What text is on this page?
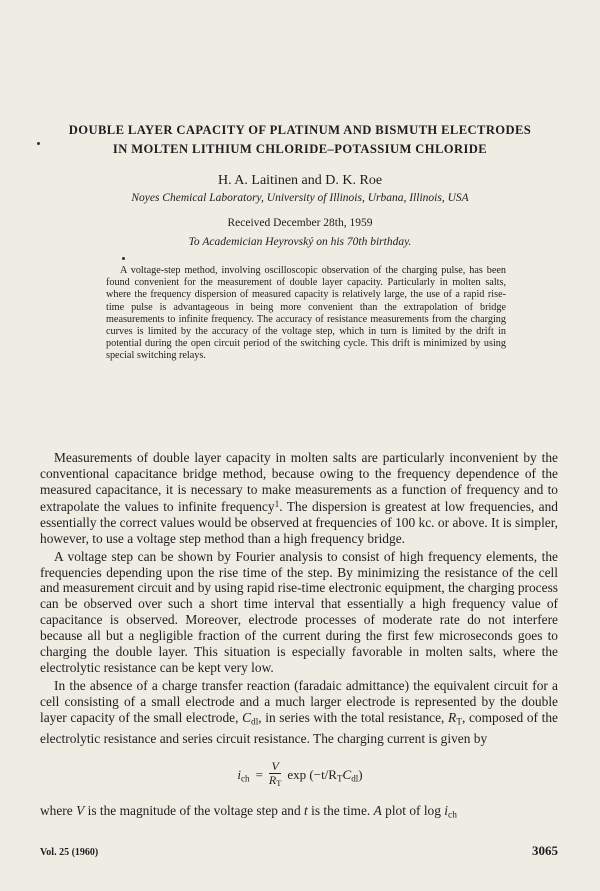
DOUBLE LAYER CAPACITY OF PLATINUM AND BISMUTH ELECTRODES
IN MOLTEN LITHIUM CHLORIDE–POTASSIUM CHLORIDE
H. A. Laitinen and D. K. Roe
Noyes Chemical Laboratory, University of Illinois, Urbana, Illinois, USA
Received December 28th, 1959
To Academician Heyrovský on his 70th birthday.
A voltage-step method, involving oscilloscopic observation of the charging pulse, has been found convenient for the measurement of double layer capacity. Particularly in molten salts, where the frequency dispersion of measured capacity is relatively large, the use of a rapid rise-time pulse is advantageous in being more convenient than the extrapolation of bridge measurements to infinite frequency. The accuracy of resistance measurements from the charging curves is limited by the accuracy of the voltage step, which in turn is limited by the drift in potential during the open circuit period of the switching cycle. This drift is minimized by using special switching relays.

Measurements of double layer capacity in molten salts are particularly inconvenient by the conventional capacitance bridge method, because owing to the frequency dependence of the measured capacitance, it is necessary to make measurements as a function of frequency and to extrapolate the values to infinite frequency$^1$. The dispersion is greatest at low frequencies, and essentially the correct values would be observed at frequencies of 100 kc. or above. It is simpler, however, to use a voltage step method than a high frequency bridge.

A voltage step can be shown by Fourier analysis to consist of high frequency elements, the frequencies depending upon the rise time of the step. By minimizing the resistance of the cell and measurement circuit and by using rapid rise-time electronic equipment, the charging process can be observed over such a short time interval that essentially a high frequency value of capacitance is observed. Moreover, electrode processes of moderate rate do not interfere because all but a negligible fraction of the current during the first few microseconds goes to charging the double layer. This situation is especially favorable in molten salts, where the electrolytic resistance can be kept very low.

In the absence of a charge transfer reaction (faradaic admittance) the equivalent circuit for a cell consisting of a small electrode and a much larger electrode is represented by the double layer capacity of the small electrode, $C_{dl}$, in series with the total resistance, $R_T$, composed of the electrolytic resistance and series circuit resistance. The charging current is given by

$i_{ch} = \frac{V}{R_T}$ $\exp (-t/R_TC_{dl})$
where V is the magnitude of the voltage step and t is the time. A plot of $\log i_{ch}$
Vol. 25 (1960)	3065
